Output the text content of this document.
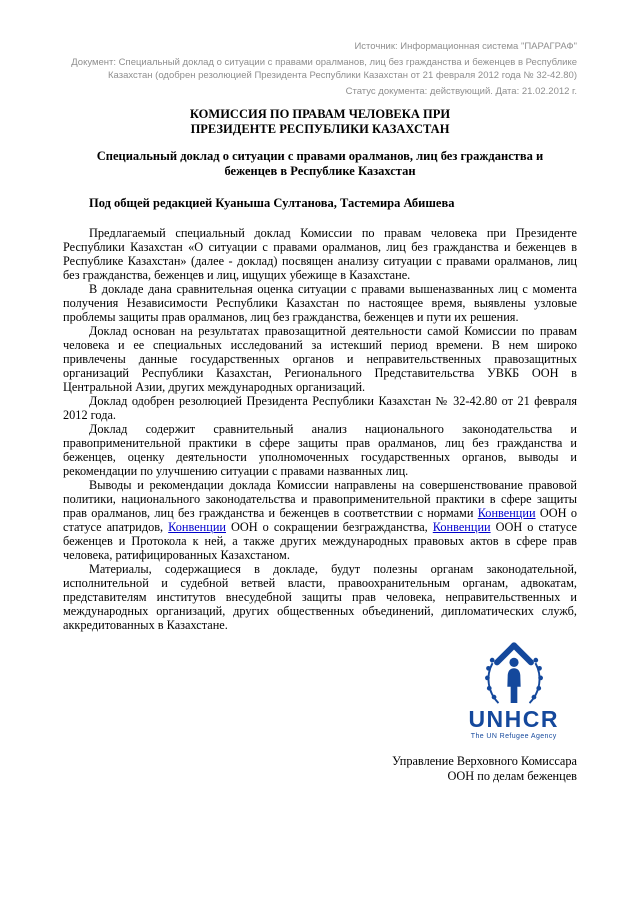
Источник: Информационная система "ПАРАГРАФ"
Документ: Специальный доклад о ситуации с правами оралманов, лиц без гражданства и беженцев в Республике Казахстан (одобрен резолюцией Президента Республики Казахстан от 21 февраля 2012 года № 32-42.80)
Статус документа: действующий. Дата: 21.02.2012 г.
КОМИССИЯ ПО ПРАВАМ ЧЕЛОВЕКА ПРИ
ПРЕЗИДЕНТЕ РЕСПУБЛИКИ КАЗАХСТАН
Специальный доклад о ситуации с правами оралманов, лиц без гражданства и беженцев в Республике Казахстан

Под общей редакцией Куаныша Султанова, Тастемира Абишева

Предлагаемый специальный доклад Комиссии по правам человека при Президенте Республики Казахстан «О ситуации с правами оралманов, лиц без гражданства и беженцев в Республике Казахстан» (далее - доклад) посвящен анализу ситуации с правами оралманов, лиц без гражданства, беженцев и лиц, ищущих убежище в Казахстане.

В докладе дана сравнительная оценка ситуации с правами вышеназванных лиц с момента получения Независимости Республики Казахстан по настоящее время, выявлены узловые проблемы защиты прав оралманов, лиц без гражданства, беженцев и пути их решения.

Доклад основан на результатах правозащитной деятельности самой Комиссии по правам человека и ее специальных исследований за истекший период времени. В нем широко привлечены данные государственных органов и неправительственных правозащитных организаций Республики Казахстан, Регионального Представительства УВКБ ООН в Центральной Азии, других международных организаций.

Доклад одобрен резолюцией Президента Республики Казахстан № 32-42.80 от 21 февраля 2012 года.

Доклад содержит сравнительный анализ национального законодательства и правоприменительной практики в сфере защиты прав оралманов, лиц без гражданства и беженцев, оценку деятельности уполномоченных государственных органов, выводы и рекомендации по улучшению ситуации с правами названных лиц.

Выводы и рекомендации доклада Комиссии направлены на совершенствование правовой политики, национального законодательства и правоприменительной практики в сфере защиты прав оралманов, лиц без гражданства и беженцев в соответствии с нормами Конвенции ООН о статусе апатридов, Конвенции ООН о сокращении безгражданства, Конвенции ООН о статусе беженцев и Протокола к ней, а также других международных правовых актов в сфере прав человека, ратифицированных Казахстаном.

Материалы, содержащиеся в докладе, будут полезны органам законодательной, исполнительной и судебной ветвей власти, правоохранительным органам, адвокатам, представителям институтов внесудебной защиты прав человека, неправительственных и международных организаций, других общественных объединений, дипломатических служб, аккредитованных в Казахстане.

UNHCR
The UN Refugee Agency
Управление Верховного Комиссара
ООН по делам беженцев
